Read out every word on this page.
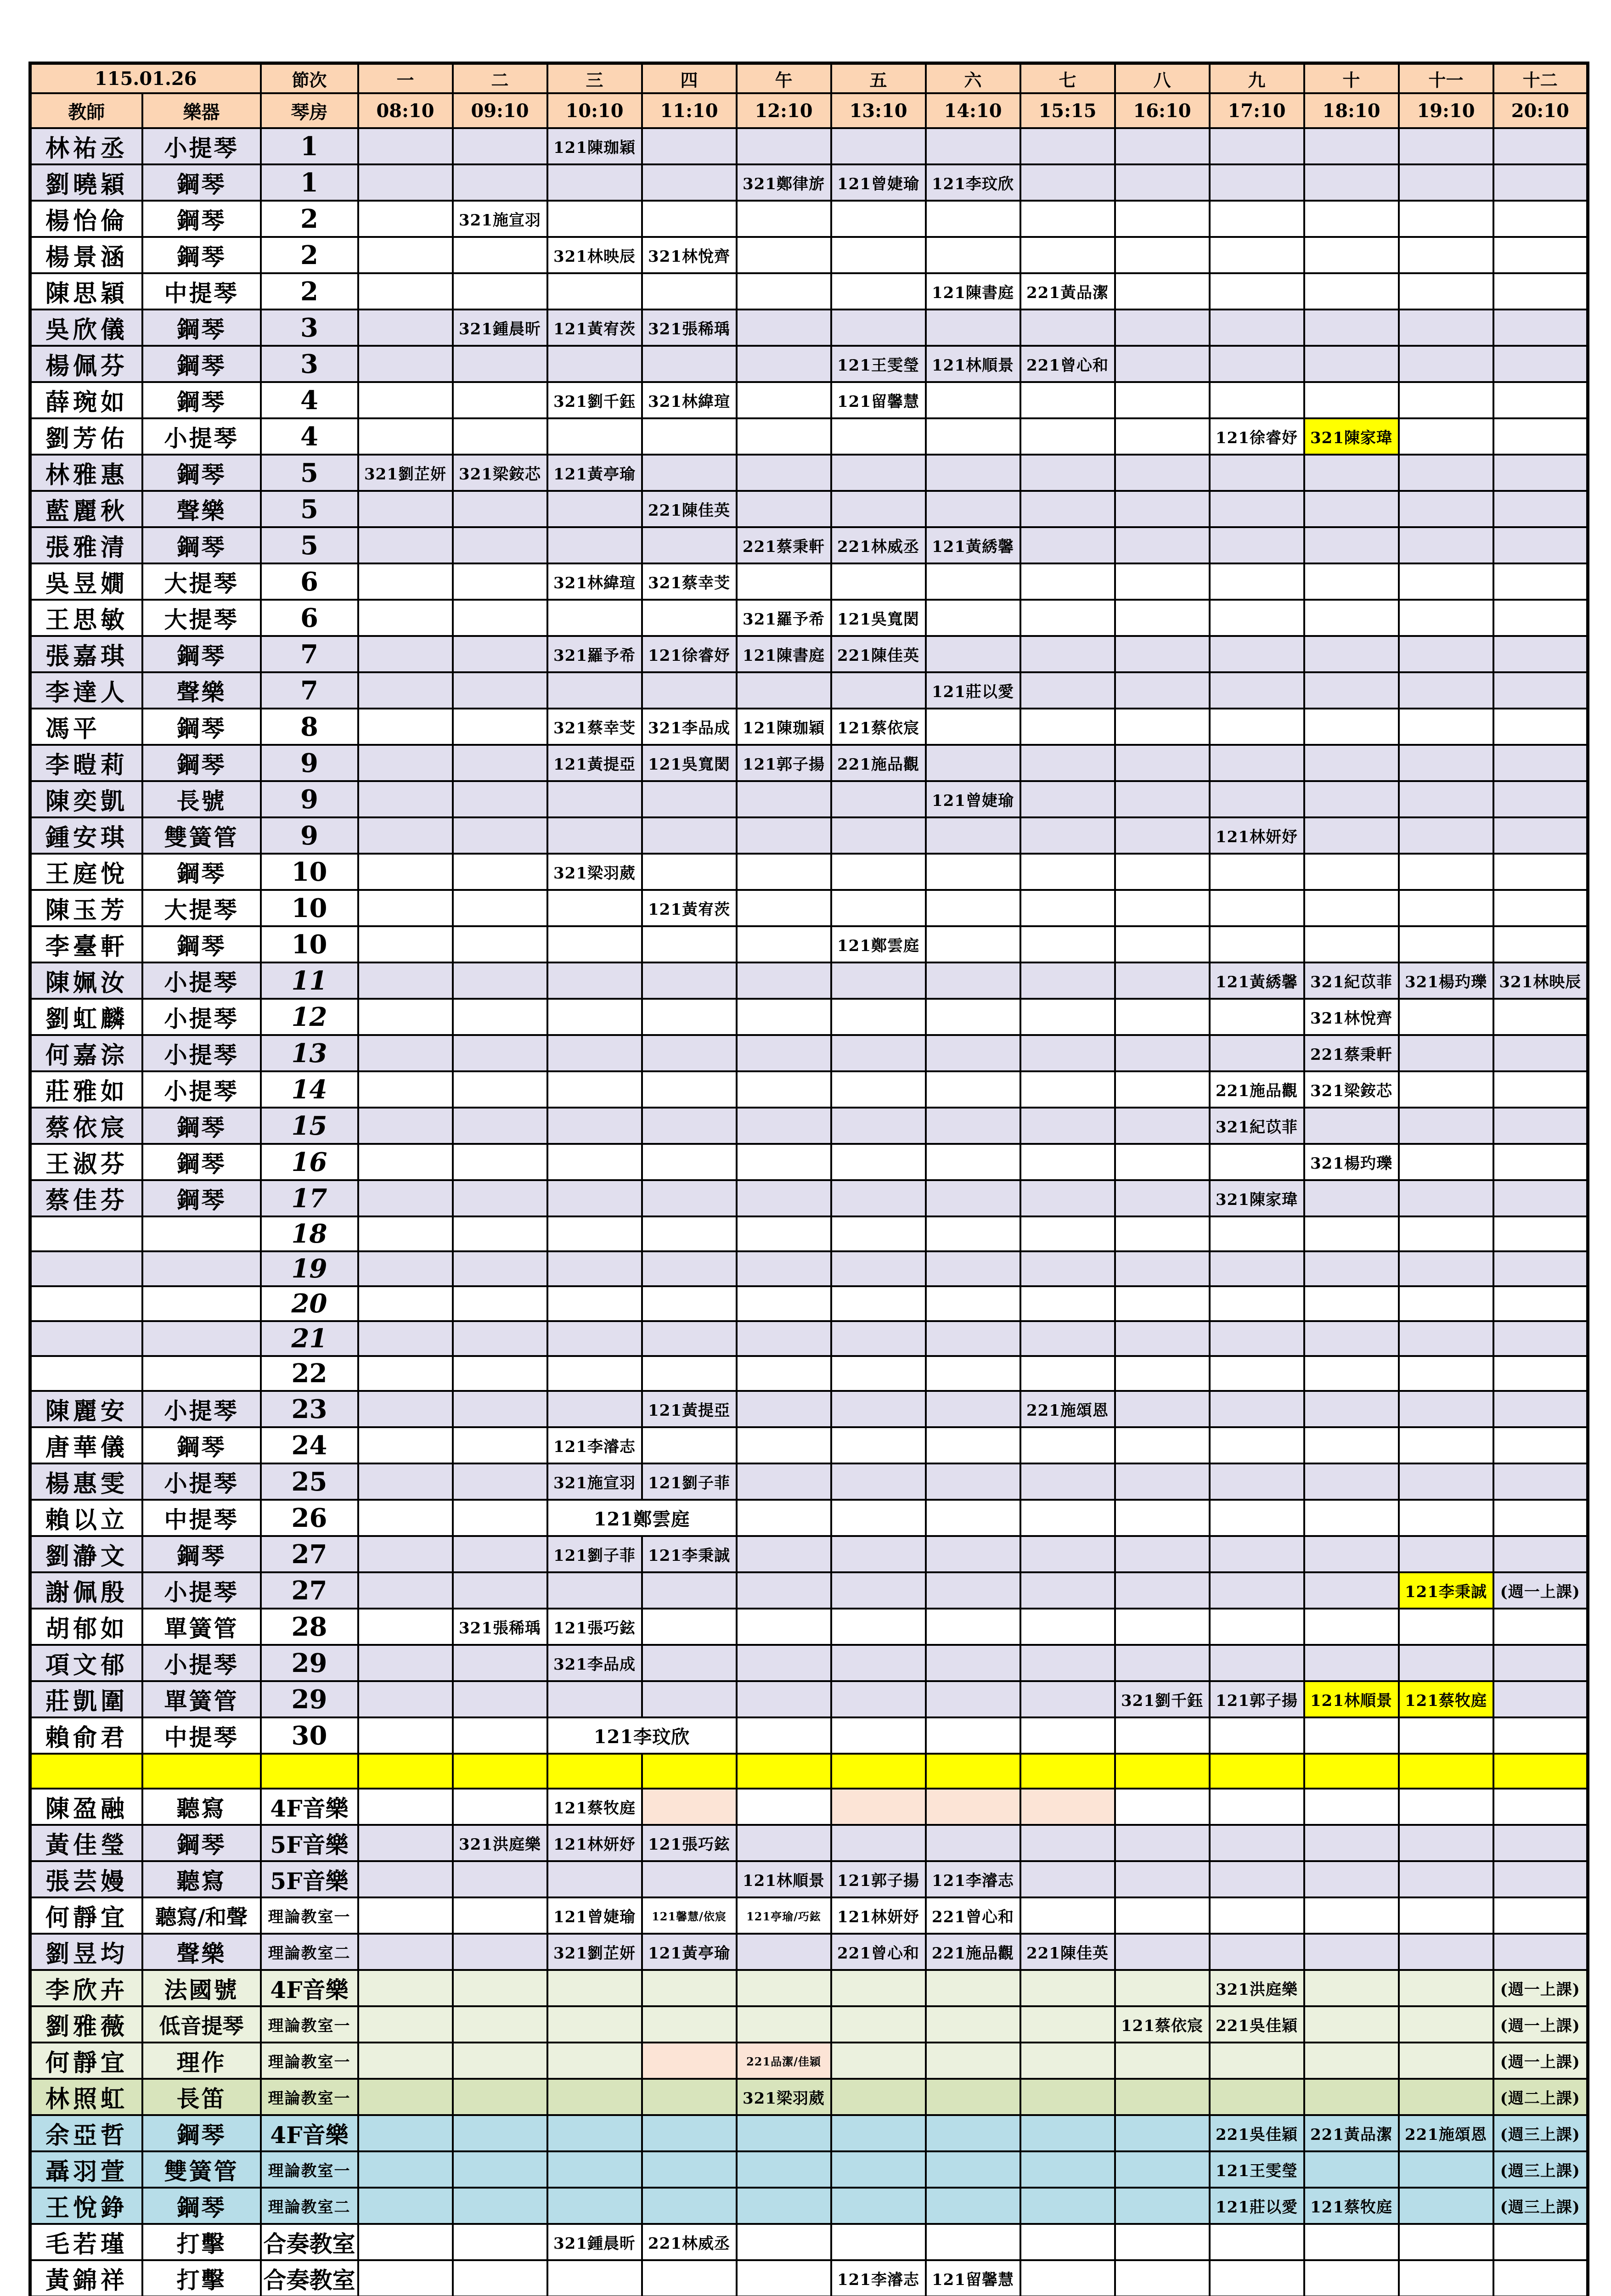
115.01.26		節次	一	二	三	四	午	五	六	七	八	九	十	十一	十二
教師	樂器	琴房	08:10	09:10	10:10	11:10	12:10	13:10	14:10	15:15	16:10	17:10	18:10	19:10	20:10
林祐丞	小提琴	1			121陳珈穎										
劉曉穎	鋼琴	1					321鄭律旂	121曾婕瑜	121李玟欣						
楊怡倫	鋼琴	2		321施宣羽											
楊景涵	鋼琴	2			321林映辰	321林悅齊									
陳思穎	中提琴	2							121陳書庭	221黃品潔					
吳欣儀	鋼琴	3		321鍾晨昕	121黃宥茨	321張稀瑀									
楊佩芬	鋼琴	3						121王雯瑩	121林順景	221曾心和					
薛琬如	鋼琴	4			321劉千鈺	321林緯瑄		121留馨慧							
劉芳佑	小提琴	4										121徐睿妤	321陳家瑋		
林雅惠	鋼琴	5	321劉芷妍	321梁銨芯	121黃亭瑜										
藍麗秋	聲樂	5				221陳佳英									
張雅清	鋼琴	5					221蔡秉軒	221林威丞	121黃綉馨						
吳昱嫺	大提琴	6			321林緯瑄	321蔡幸芠									
王思敏	大提琴	6					321羅予希	121吳寬閎							
張嘉琪	鋼琴	7			321羅予希	121徐睿妤	121陳書庭	221陳佳英							
李達人	聲樂	7							121莊以愛						
馮平	鋼琴	8			321蔡幸芠	321李品成	121陳珈穎	121蔡依宸							
李暟莉	鋼琴	9			121黃提亞	121吳寬閎	121郭子揚	221施品觀							
陳奕凱	長號	9							121曾婕瑜						
鍾安琪	雙簧管	9										121林妍妤			
王庭悅	鋼琴	10			321梁羽葳										
陳玉芳	大提琴	10				121黃宥茨									
李臺軒	鋼琴	10						121鄭雲庭							
陳姵汝	小提琴	11										121黃綉馨	321紀苡菲	321楊玓瓅	321林映辰
劉虹麟	小提琴	12											321林悅齊		
何嘉淙	小提琴	13											221蔡秉軒		
莊雅如	小提琴	14										221施品觀	321梁銨芯		
蔡依宸	鋼琴	15										321紀苡菲			
王淑芬	鋼琴	16											321楊玓瓅		
蔡佳芬	鋼琴	17										321陳家瑋			
		18													
		19													
		20													
		21													
		22													
陳麗安	小提琴	23				121黃提亞				221施頌恩					
唐華儀	鋼琴	24			121李濬志										
楊惠雯	小提琴	25			321施宣羽	121劉子菲									
賴以立	中提琴	26			121鄭雲庭										
劉瀞文	鋼琴	27			121劉子菲	121李秉誠									
謝佩殷	小提琴	27												121李秉誠	(週一上課)
胡郁如	單簧管	28		321張稀瑀	121張巧鉉										
項文郁	小提琴	29			321李品成										
莊凱圍	單簧管	29									321劉千鈺	121郭子揚	121林順景	121蔡牧庭	
賴俞君	中提琴	30			121李玟欣										

陳盈融	聽寫	4F音樂			121蔡牧庭										
黃佳瑩	鋼琴	5F音樂		321洪庭樂	121林妍妤	121張巧鉉									
張芸嫚	聽寫	5F音樂					121林順景	121郭子揚	121李濬志						
何靜宜	聽寫/和聲	理論教室一			121曾婕瑜	121馨慧/依宸	121亭瑜/巧鉉	121林妍妤	221曾心和						
劉昱均	聲樂	理論教室二			321劉芷妍	121黃亭瑜		221曾心和	221施品觀	221陳佳英					
李欣卉	法國號	4F音樂										321洪庭樂			(週一上課)
劉雅薇	低音提琴	理論教室一									121蔡依宸	221吳佳穎			(週一上課)
何靜宜	理作	理論教室一					221品潔/佳穎								(週一上課)
林照虹	長笛	理論教室一					321梁羽葳								(週二上課)
余亞哲	鋼琴	4F音樂										221吳佳穎	221黃品潔	221施頌恩	(週三上課)
聶羽萱	雙簧管	理論教室一										121王雯瑩			(週三上課)
王悅錚	鋼琴	理論教室二										121莊以愛	121蔡牧庭		(週三上課)
毛若瑾	打擊	合奏教室			321鍾晨昕	221林威丞									
黃錦祥	打擊	合奏教室						121李濬志	121留馨慧						
